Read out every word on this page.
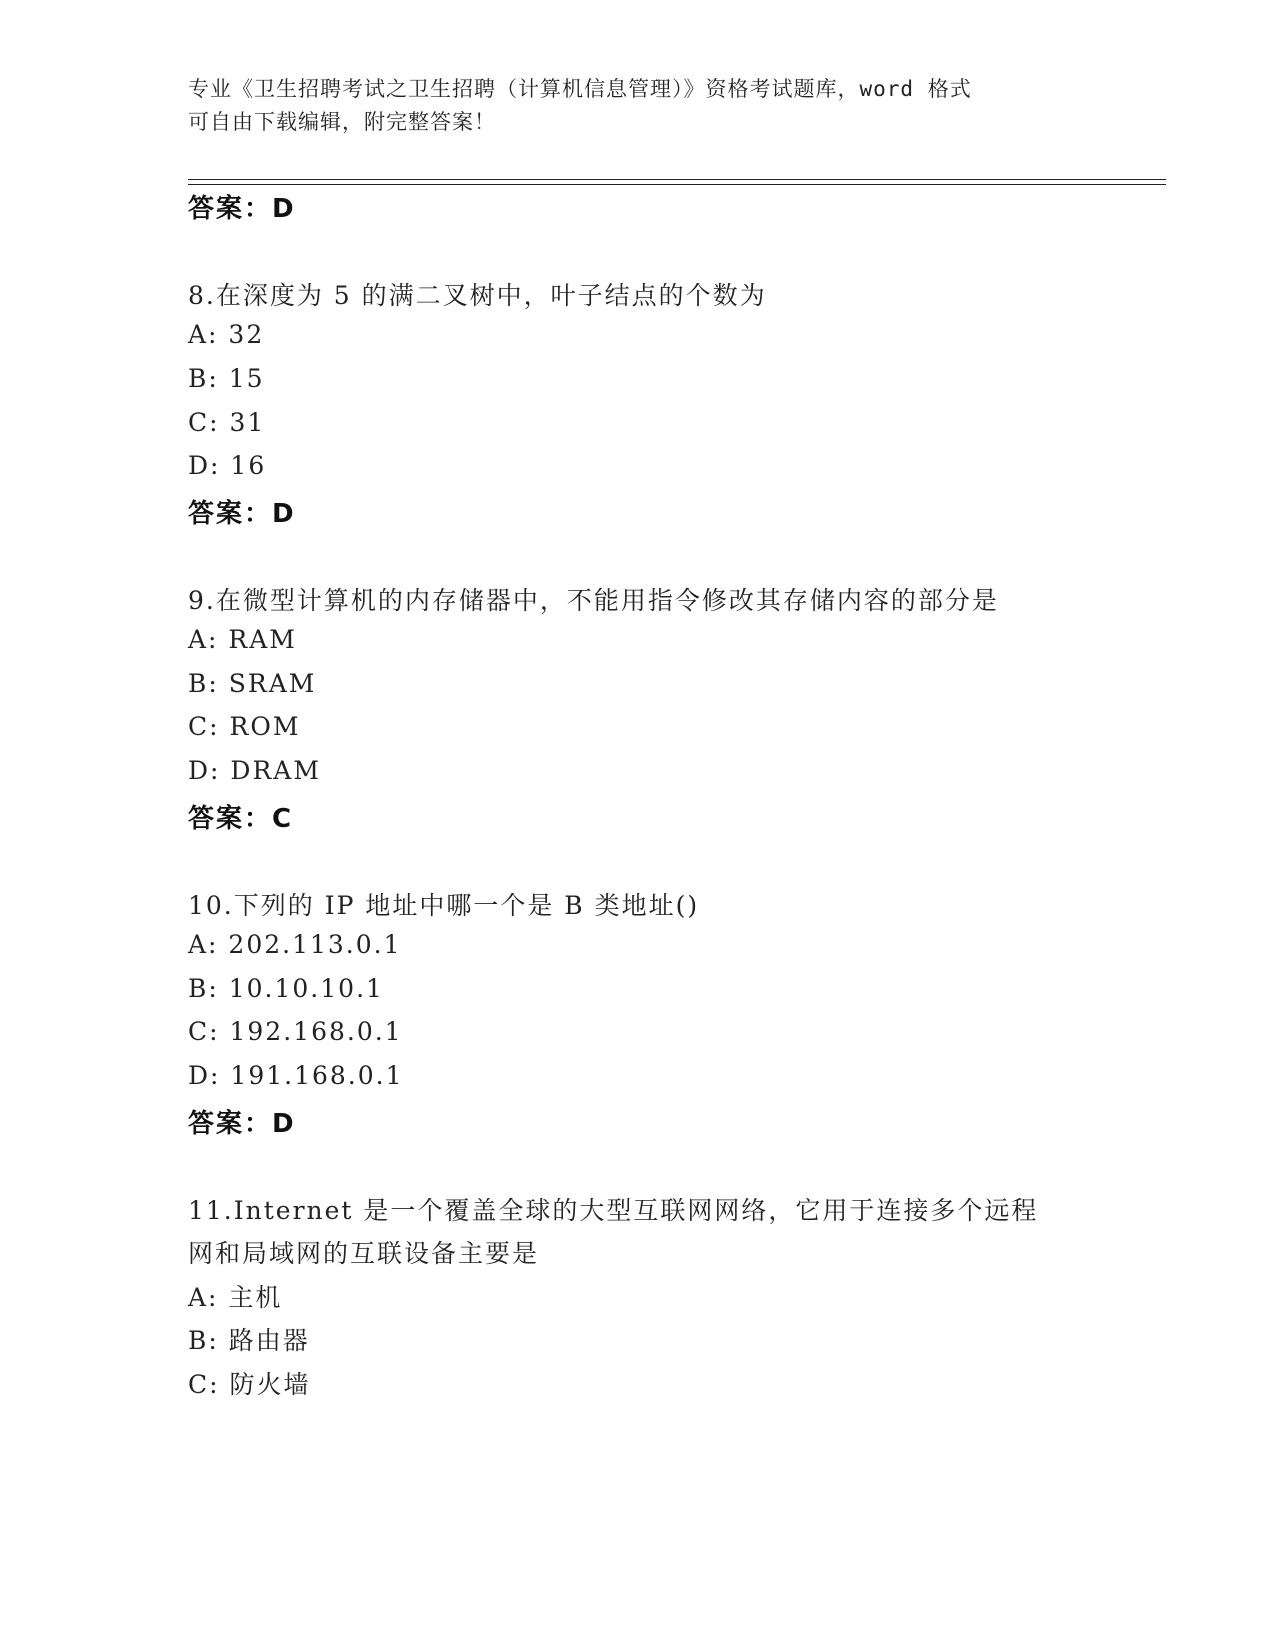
专业《卫生招聘考试之卫生招聘（计算机信息管理）》资格考试题库，word 格式
可自由下载编辑，附完整答案！
答案：D
8.在深度为 5 的满二叉树中，叶子结点的个数为
A: 32
B: 15
C: 31
D: 16
答案：D
9.在微型计算机的内存储器中，不能用指令修改其存储内容的部分是
A: RAM
B: SRAM
C: ROM
D: DRAM
答案：C
10.下列的 IP 地址中哪一个是 B 类地址()
A: 202.113.0.1
B: 10.10.10.1
C: 192.168.0.1
D: 191.168.0.1
答案：D
11.Internet 是一个覆盖全球的大型互联网网络，它用于连接多个远程
网和局域网的互联设备主要是
A: 主机
B: 路由器
C: 防火墙
